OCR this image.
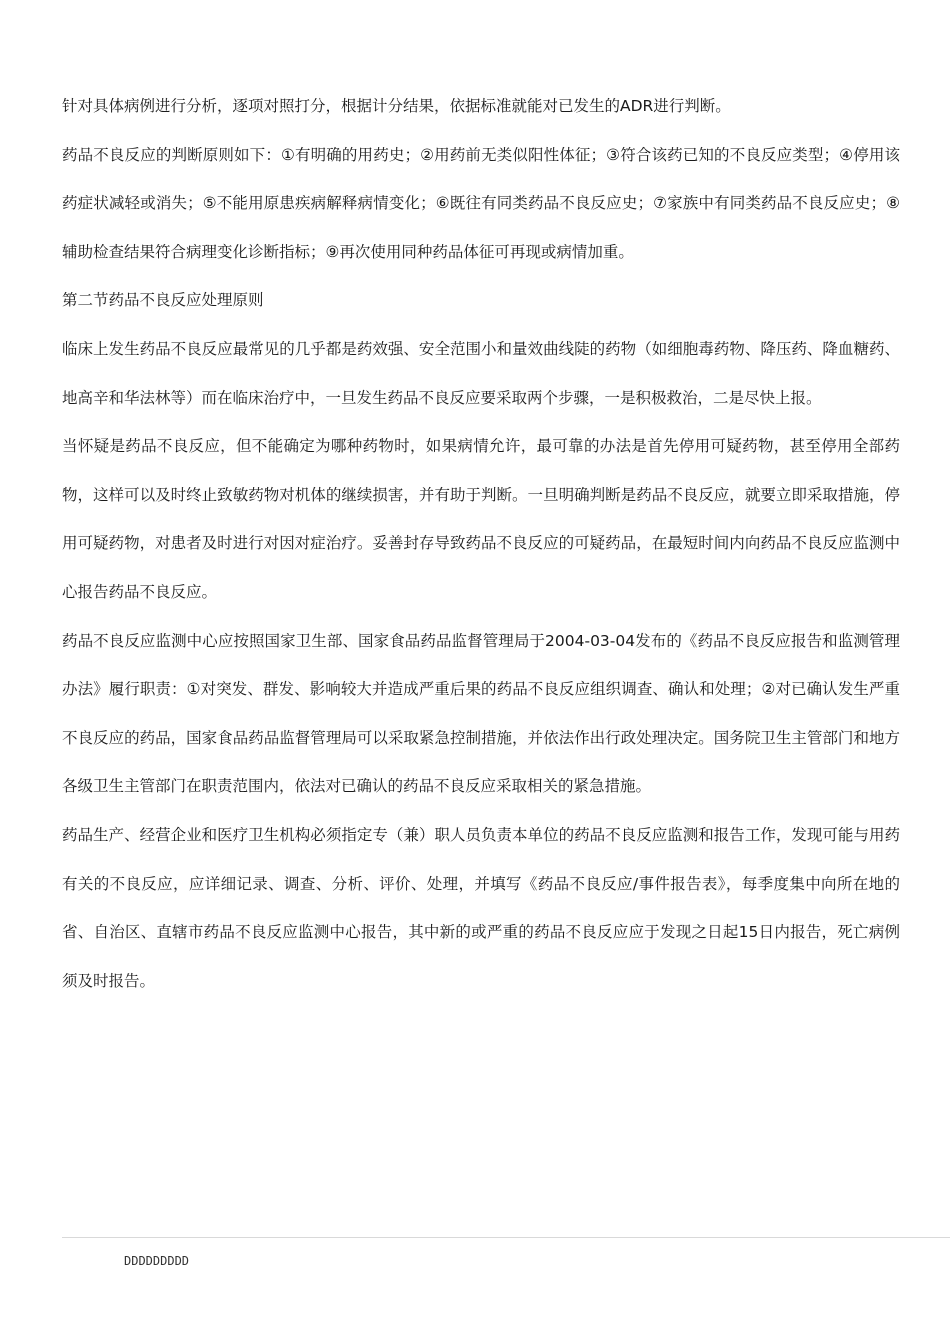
针对具体病例进行分析，逐项对照打分，根据计分结果，依据标准就能对已发生的ADR进行判断。

药品不良反应的判断原则如下：①有明确的用药史；②用药前无类似阳性体征；③符合该药已知的不良反应类型；④停用该药症状减轻或消失；⑤不能用原患疾病解释病情变化；⑥既往有同类药品不良反应史；⑦家族中有同类药品不良反应史；⑧辅助检查结果符合病理变化诊断指标；⑨再次使用同种药品体征可再现或病情加重。

第二节药品不良反应处理原则

临床上发生药品不良反应最常见的几乎都是药效强、安全范围小和量效曲线陡的药物（如细胞毒药物、降压药、降血糖药、地高辛和华法林等）而在临床治疗中，一旦发生药品不良反应要采取两个步骤，一是积极救治，二是尽快上报。

当怀疑是药品不良反应，但不能确定为哪种药物时，如果病情允许，最可靠的办法是首先停用可疑药物，甚至停用全部药物，这样可以及时终止致敏药物对机体的继续损害，并有助于判断。一旦明确判断是药品不良反应，就要立即采取措施，停用可疑药物，对患者及时进行对因对症治疗。妥善封存导致药品不良反应的可疑药品，在最短时间内向药品不良反应监测中心报告药品不良反应。

药品不良反应监测中心应按照国家卫生部、国家食品药品监督管理局于2004-03-04发布的《药品不良反应报告和监测管理办法》履行职责：①对突发、群发、影响较大并造成严重后果的药品不良反应组织调查、确认和处理；②对已确认发生严重不良反应的药品，国家食品药品监督管理局可以采取紧急控制措施，并依法作出行政处理决定。国务院卫生主管部门和地方各级卫生主管部门在职责范围内，依法对已确认的药品不良反应采取相关的紧急措施。

药品生产、经营企业和医疗卫生机构必须指定专（兼）职人员负责本单位的药品不良反应监测和报告工作，发现可能与用药有关的不良反应，应详细记录、调查、分析、评价、处理，并填写《药品不良反应/事件报告表》，每季度集中向所在地的省、自治区、直辖市药品不良反应监测中心报告，其中新的或严重的药品不良反应应于发现之日起15日内报告，死亡病例须及时报告。

DDDDDDDDD
